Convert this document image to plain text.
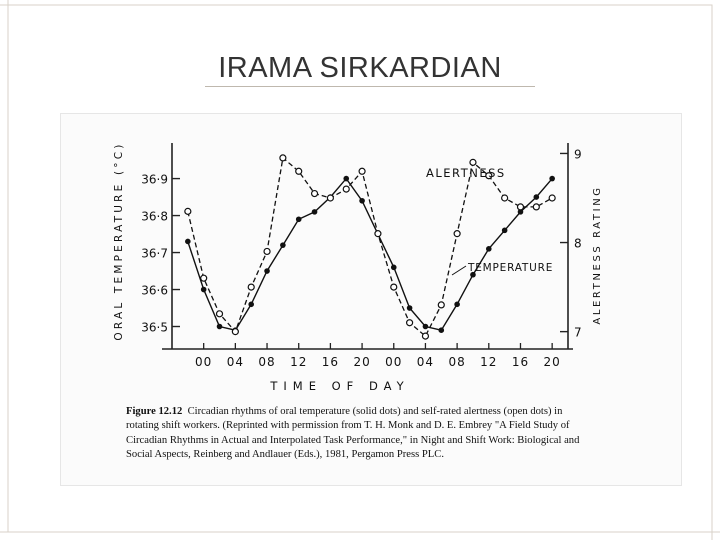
IRAMA SIRKARDIAN
36·5
36·6
36·7
36·8
36·9
7
8
9
00 04 08 12 16 20 00 04 08 12 16 20
TIME OF DAY
ORAL TEMPERATURE (°C)	ALERTNESS RATING
ALERTNESS
TEMPERATURE
Figure 12.12 Circadian rhythms of oral temperature (solid dots) and self-rated alertness (open dots) in rotating shift workers. (Reprinted with permission from T. H. Monk and D. E. Embrey "A Field Study of Circadian Rhythms in Actual and Interpolated Task Performance," in Night and Shift Work: Biological and Social Aspects, Reinberg and Andlauer (Eds.), 1981, Pergamon Press PLC.
